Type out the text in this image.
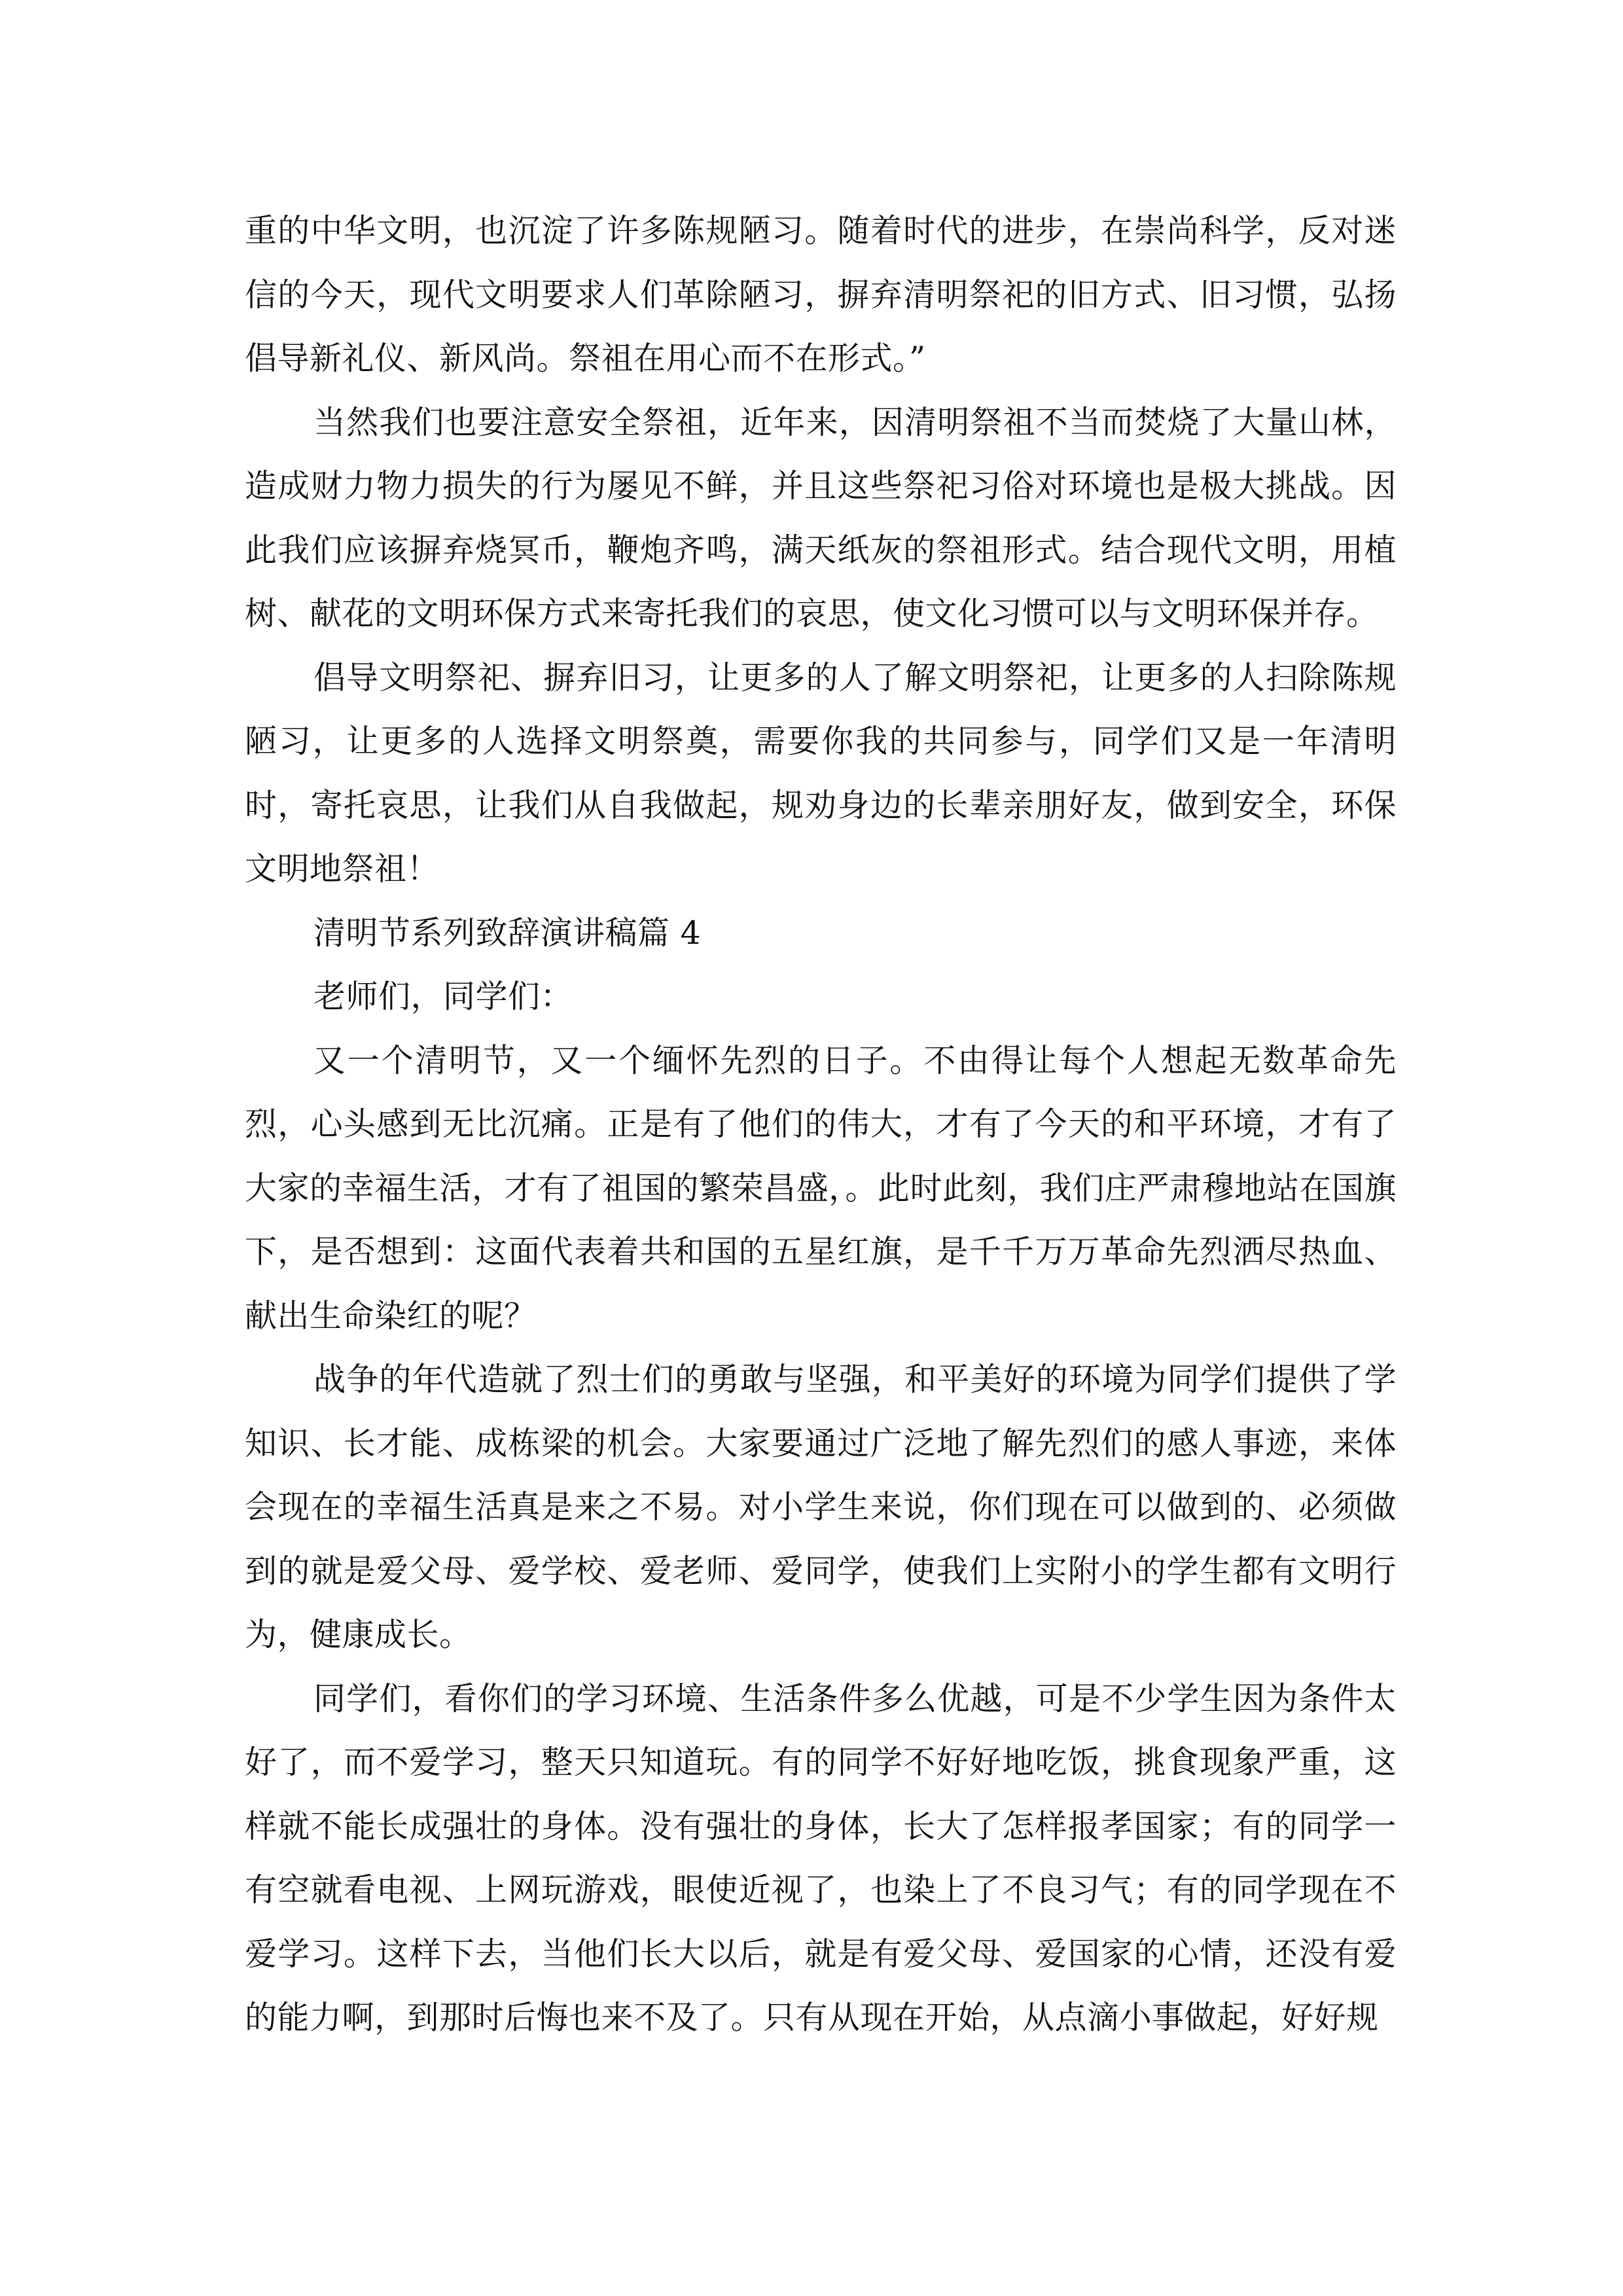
重的中华文明，也沉淀了许多陈规陋习。随着时代的进步，在崇尚科学，反对迷信的今天，现代文明要求人们革除陋习，摒弃清明祭祀的旧方式、旧习惯，弘扬倡导新礼仪、新风尚。祭祖在用心而不在形式。”

当然我们也要注意安全祭祖，近年来，因清明祭祖不当而焚烧了大量山林，造成财力物力损失的行为屡见不鲜，并且这些祭祀习俗对环境也是极大挑战。因此我们应该摒弃烧冥币，鞭炮齐鸣，满天纸灰的祭祖形式。结合现代文明，用植树、献花的文明环保方式来寄托我们的哀思，使文化习惯可以与文明环保并存。

倡导文明祭祀、摒弃旧习，让更多的人了解文明祭祀，让更多的人扫除陈规陋习，让更多的人选择文明祭奠，需要你我的共同参与，同学们又是一年清明时，寄托哀思，让我们从自我做起，规劝身边的长辈亲朋好友，做到安全，环保文明地祭祖！

清明节系列致辞演讲稿篇 4

老师们，同学们：

又一个清明节，又一个缅怀先烈的日子。不由得让每个人想起无数革命先烈，心头感到无比沉痛。正是有了他们的伟大，才有了今天的和平环境，才有了大家的幸福生活，才有了祖国的繁荣昌盛，。此时此刻，我们庄严肃穆地站在国旗下，是否想到：这面代表着共和国的五星红旗，是千千万万革命先烈洒尽热血、献出生命染红的呢？

战争的年代造就了烈士们的勇敢与坚强，和平美好的环境为同学们提供了学知识、长才能、成栋梁的机会。大家要通过广泛地了解先烈们的感人事迹，来体会现在的幸福生活真是来之不易。对小学生来说，你们现在可以做到的、必须做到的就是爱父母、爱学校、爱老师、爱同学，使我们上实附小的学生都有文明行为，健康成长。

同学们，看你们的学习环境、生活条件多么优越，可是不少学生因为条件太好了，而不爱学习，整天只知道玩。有的同学不好好地吃饭，挑食现象严重，这样就不能长成强壮的身体。没有强壮的身体，长大了怎样报孝国家；有的同学一有空就看电视、上网玩游戏，眼使近视了，也染上了不良习气；有的同学现在不爱学习。这样下去，当他们长大以后，就是有爱父母、爱国家的心情，还没有爱的能力啊，到那时后悔也来不及了。只有从现在开始，从点滴小事做起，好好规
